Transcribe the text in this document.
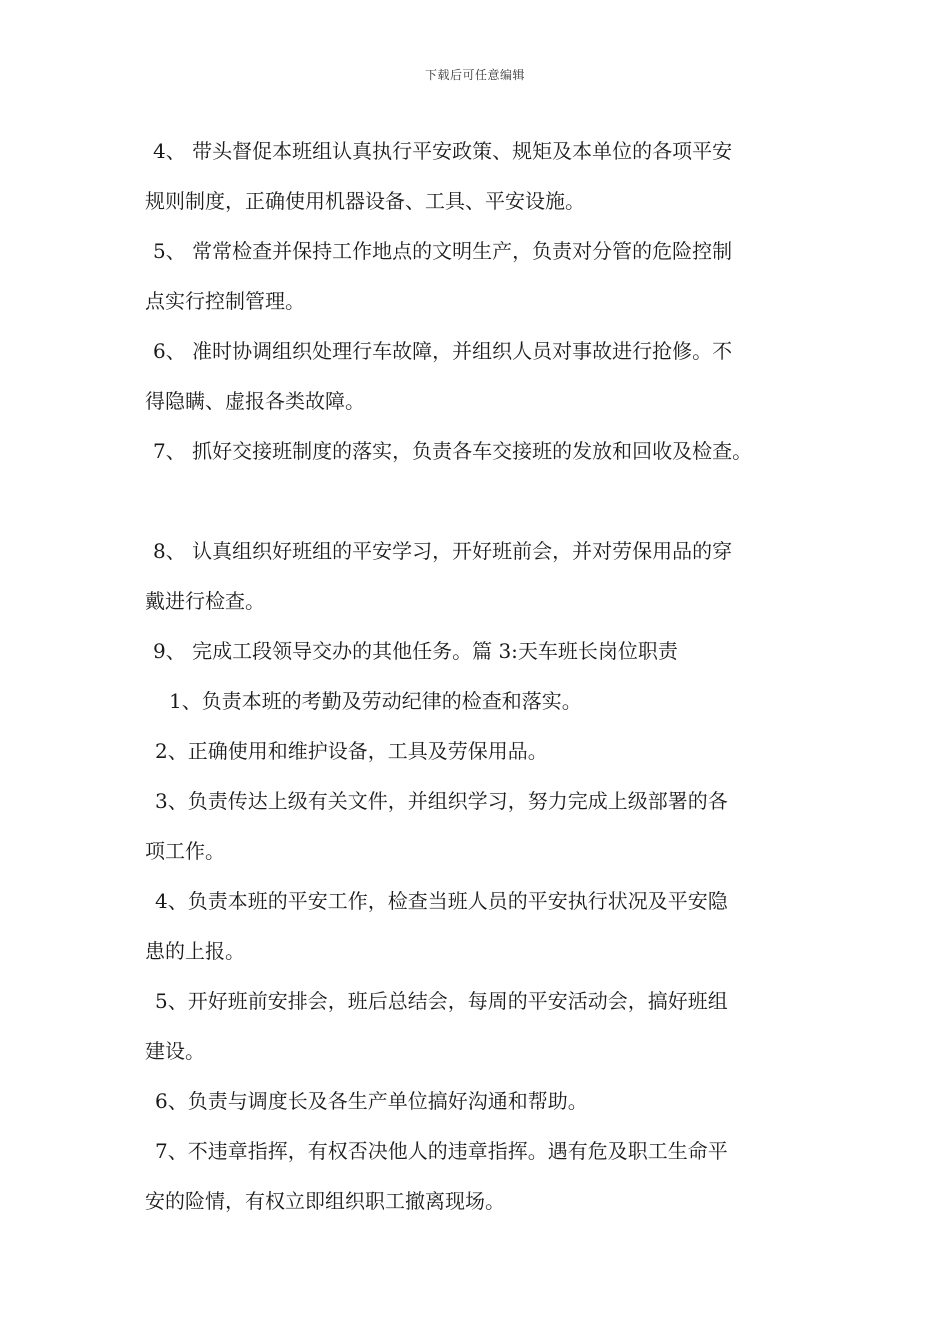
下载后可任意编辑
4、 带头督促本班组认真执行平安政策、规矩及本单位的各项平安
规则制度，正确使用机器设备、工具、平安设施。
5、 常常检查并保持工作地点的文明生产，负责对分管的危险控制
点实行控制管理。
6、 准时协调组织处理行车故障，并组织人员对事故进行抢修。不
得隐瞒、虚报各类故障。
7、 抓好交接班制度的落实，负责各车交接班的发放和回收及检查。
8、 认真组织好班组的平安学习，开好班前会，并对劳保用品的穿
戴进行检查。
9、 完成工段领导交办的其他任务。篇 3:天车班长岗位职责
1、负责本班的考勤及劳动纪律的检查和落实。
2、正确使用和维护设备，工具及劳保用品。
3、负责传达上级有关文件，并组织学习，努力完成上级部署的各
项工作。
4、负责本班的平安工作，检查当班人员的平安执行状况及平安隐
患的上报。
5、开好班前安排会，班后总结会，每周的平安活动会，搞好班组
建设。
6、负责与调度长及各生产单位搞好沟通和帮助。
7、不违章指挥，有权否决他人的违章指挥。遇有危及职工生命平
安的险情，有权立即组织职工撤离现场。
